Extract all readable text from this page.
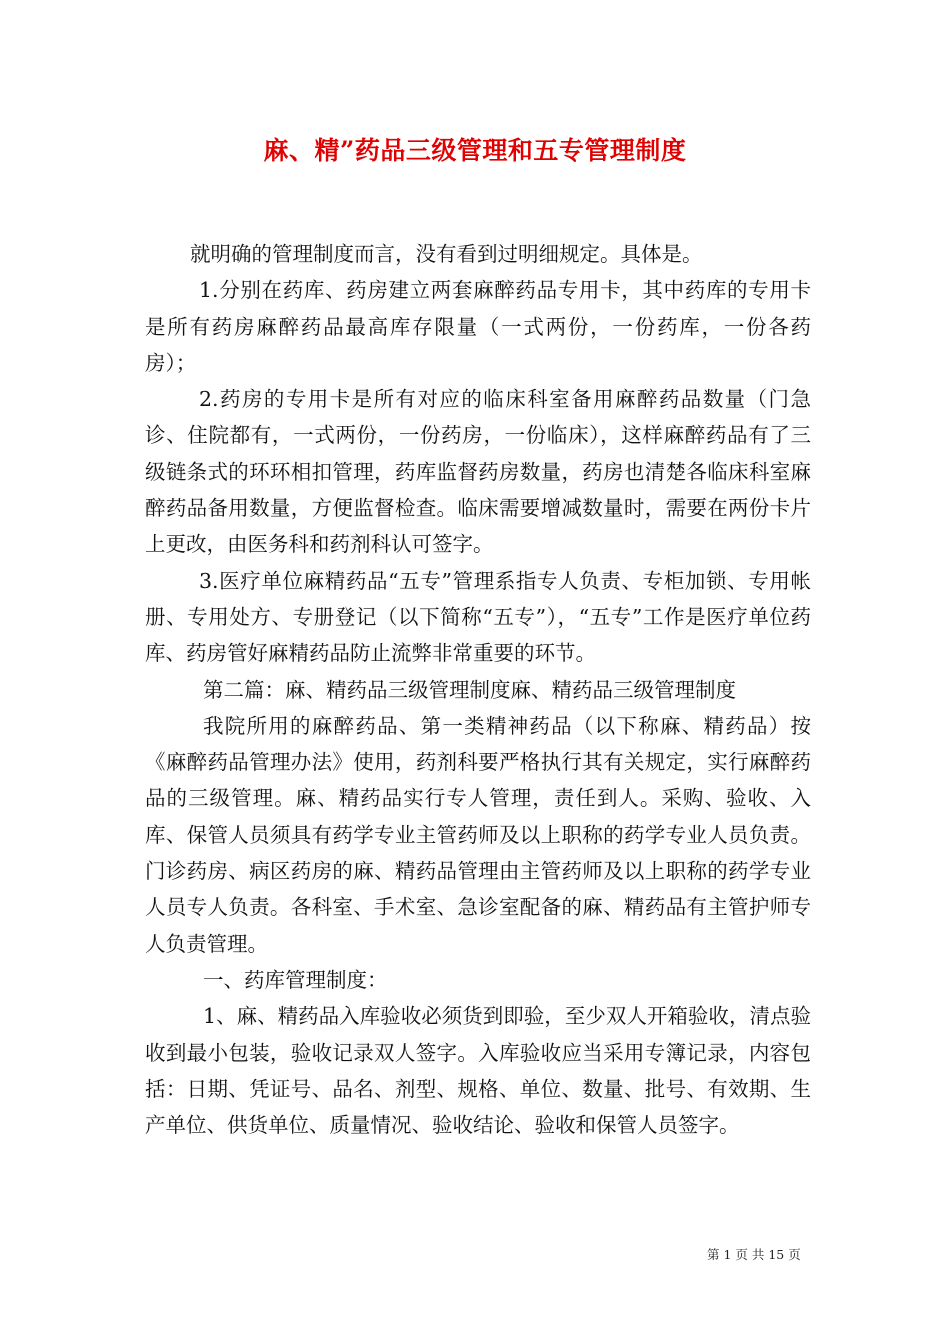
麻、精”药品三级管理和五专管理制度

就明确的管理制度而言，没有看到过明细规定。具体是。

1.分别在药库、药房建立两套麻醉药品专用卡，其中药库的专用卡是所有药房麻醉药品最高库存限量（一式两份，一份药库，一份各药房）；

2.药房的专用卡是所有对应的临床科室备用麻醉药品数量（门急诊、住院都有，一式两份，一份药房，一份临床），这样麻醉药品有了三级链条式的环环相扣管理，药库监督药房数量，药房也清楚各临床科室麻醉药品备用数量，方便监督检查。临床需要增减数量时，需要在两份卡片上更改，由医务科和药剂科认可签字。

3.医疗单位麻精药品“五专”管理系指专人负责、专柜加锁、专用帐册、专用处方、专册登记（以下简称“五专”），“五专”工作是医疗单位药库、药房管好麻精药品防止流弊非常重要的环节。

第二篇：麻、精药品三级管理制度麻、精药品三级管理制度

我院所用的麻醉药品、第一类精神药品（以下称麻、精药品）按《麻醉药品管理办法》使用，药剂科要严格执行其有关规定，实行麻醉药品的三级管理。麻、精药品实行专人管理，责任到人。采购、验收、入库、保管人员须具有药学专业主管药师及以上职称的药学专业人员负责。门诊药房、病区药房的麻、精药品管理由主管药师及以上职称的药学专业人员专人负责。各科室、手术室、急诊室配备的麻、精药品有主管护师专人负责管理。

一、药库管理制度：

1、麻、精药品入库验收必须货到即验，至少双人开箱验收，清点验收到最小包装，验收记录双人签字。入库验收应当采用专簿记录，内容包括：日期、凭证号、品名、剂型、规格、单位、数量、批号、有效期、生产单位、供货单位、质量情况、验收结论、验收和保管人员签字。

第 1 页 共 15 页
